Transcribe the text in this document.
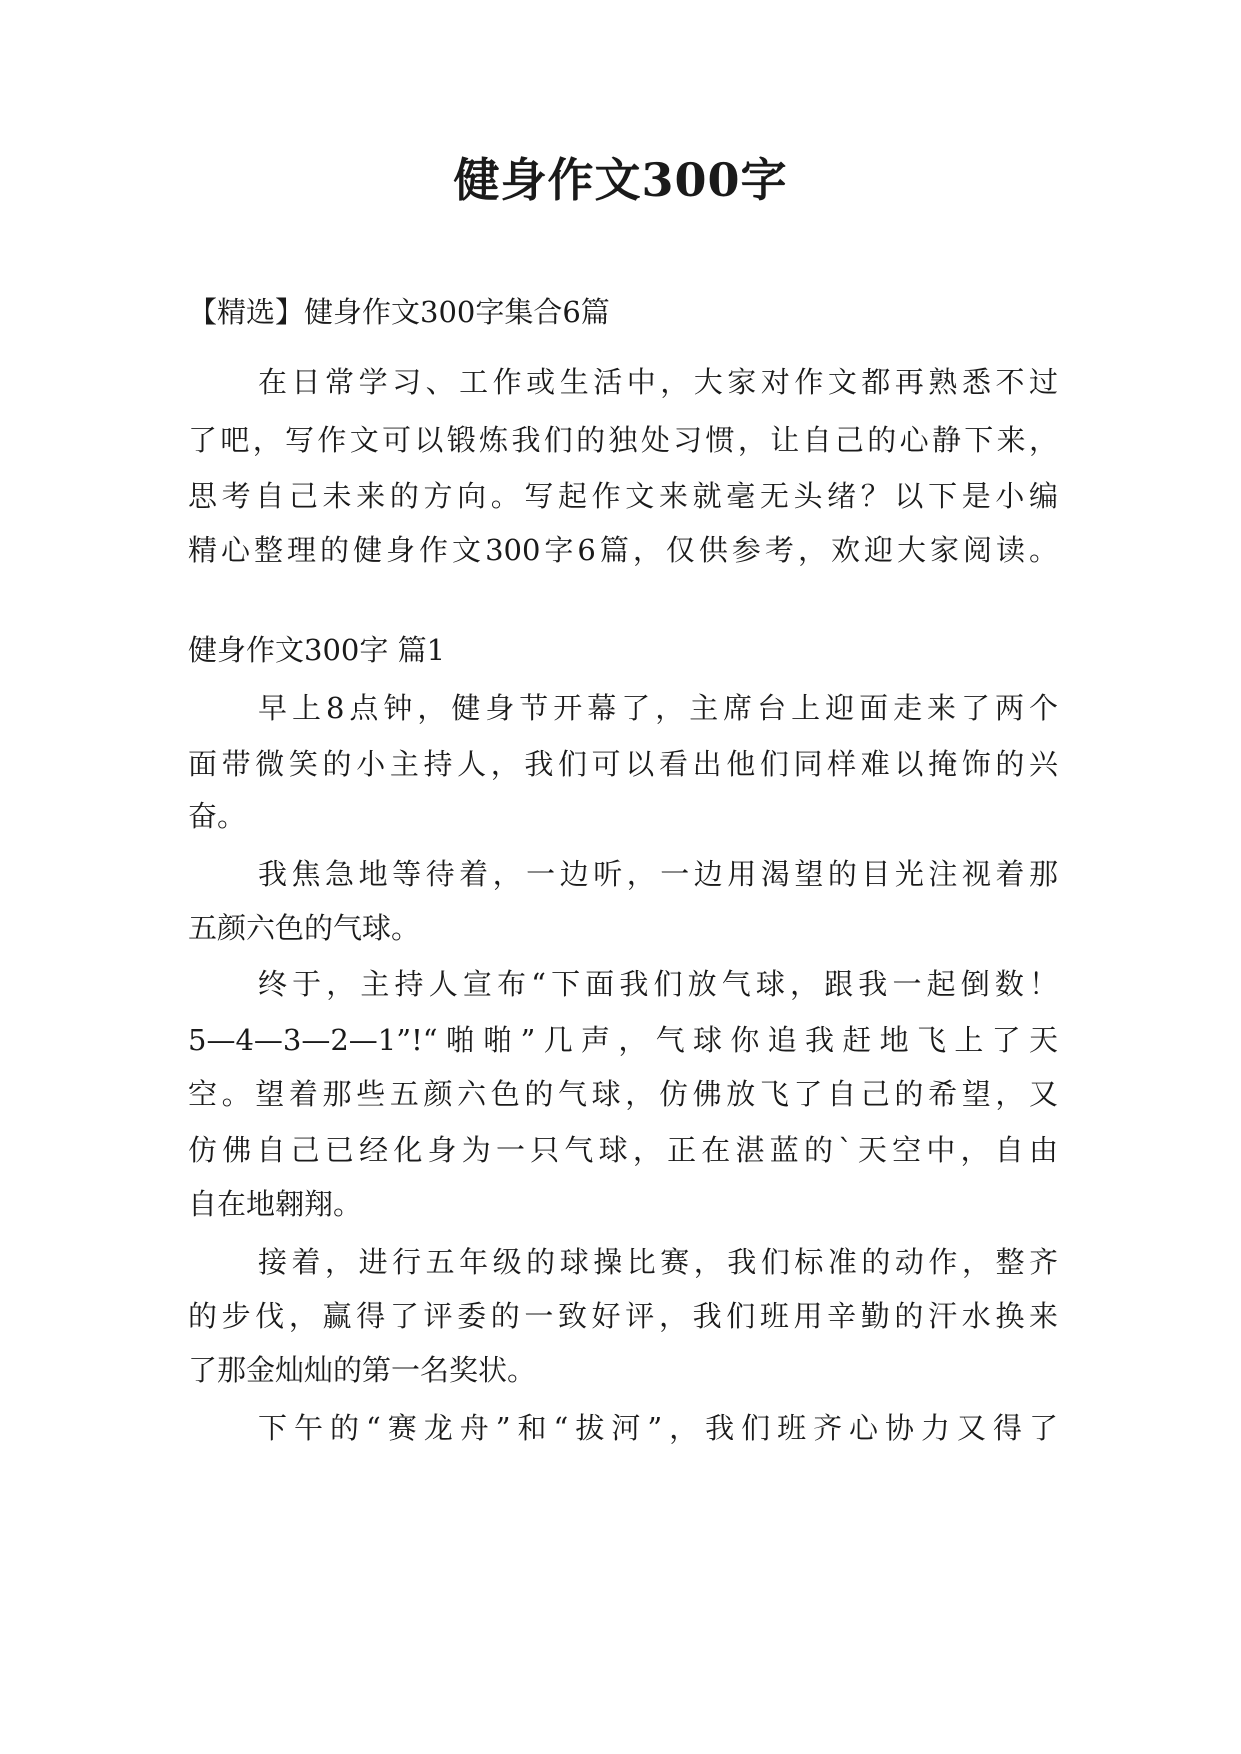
健身作文300字
【精选】健身作文300字集合6篇
在日常学习、工作或生活中，大家对作文都再熟悉不过
了吧，写作文可以锻炼我们的独处习惯，让自己的心静下来，
思考自己未来的方向。写起作文来就毫无头绪？以下是小编
精心整理的健身作文300字6篇，仅供参考，欢迎大家阅读。
健身作文300字 篇1
早上8点钟，健身节开幕了，主席台上迎面走来了两个
面带微笑的小主持人，我们可以看出他们同样难以掩饰的兴
奋。
我焦急地等待着，一边听，一边用渴望的目光注视着那
五颜六色的气球。
终于，主持人宣布“下面我们放气球，跟我一起倒数！
5—4—3—2—1”!“啪啪”几声，气球你追我赶地飞上了天
空。望着那些五颜六色的气球，仿佛放飞了自己的希望，又
仿佛自己已经化身为一只气球，正在湛蓝的`天空中，自由
自在地翱翔。
接着，进行五年级的球操比赛，我们标准的动作，整齐
的步伐，赢得了评委的一致好评，我们班用辛勤的汗水换来
了那金灿灿的第一名奖状。
下午的“赛龙舟”和“拔河”，我们班齐心协力又得了
